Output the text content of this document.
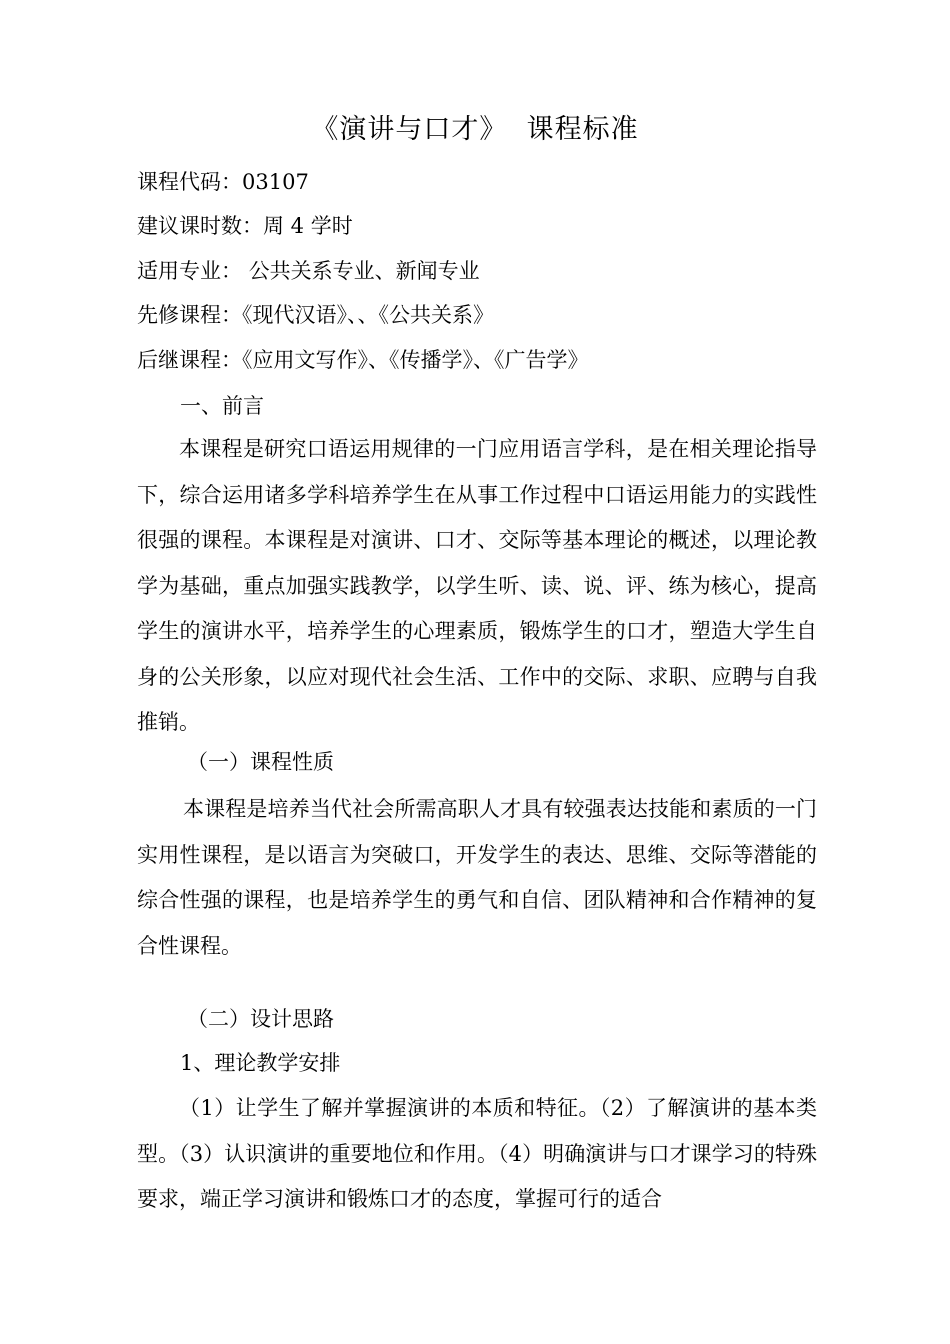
《演讲与口才》  课程标准
课程代码：03107
建议课时数：周 4 学时
适用专业： 公共关系专业、新闻专业
先修课程：《现代汉语》、、《公共关系》
后继课程：《应用文写作》、《传播学》、《广告学》
一、前言
本课程是研究口语运用规律的一门应用语言学科，是在相关理论指导下，综合运用诸多学科培养学生在从事工作过程中口语运用能力的实践性很强的课程。本课程是对演讲、口才、交际等基本理论的概述，以理论教学为基础，重点加强实践教学，以学生听、读、说、评、练为核心，提高学生的演讲水平，培养学生的心理素质，锻炼学生的口才，塑造大学生自身的公关形象，以应对现代社会生活、工作中的交际、求职、应聘与自我推销。
（一）课程性质
本课程是培养当代社会所需高职人才具有较强表达技能和素质的一门实用性课程，是以语言为突破口，开发学生的表达、思维、交际等潜能的综合性强的课程，也是培养学生的勇气和自信、团队精神和合作精神的复合性课程。
（二）设计思路
1、理论教学安排
（1）让学生了解并掌握演讲的本质和特征。（2）了解演讲的基本类型。（3）认识演讲的重要地位和作用。（4）明确演讲与口才课学习的特殊要求，端正学习演讲和锻炼口才的态度，掌握可行的适合
